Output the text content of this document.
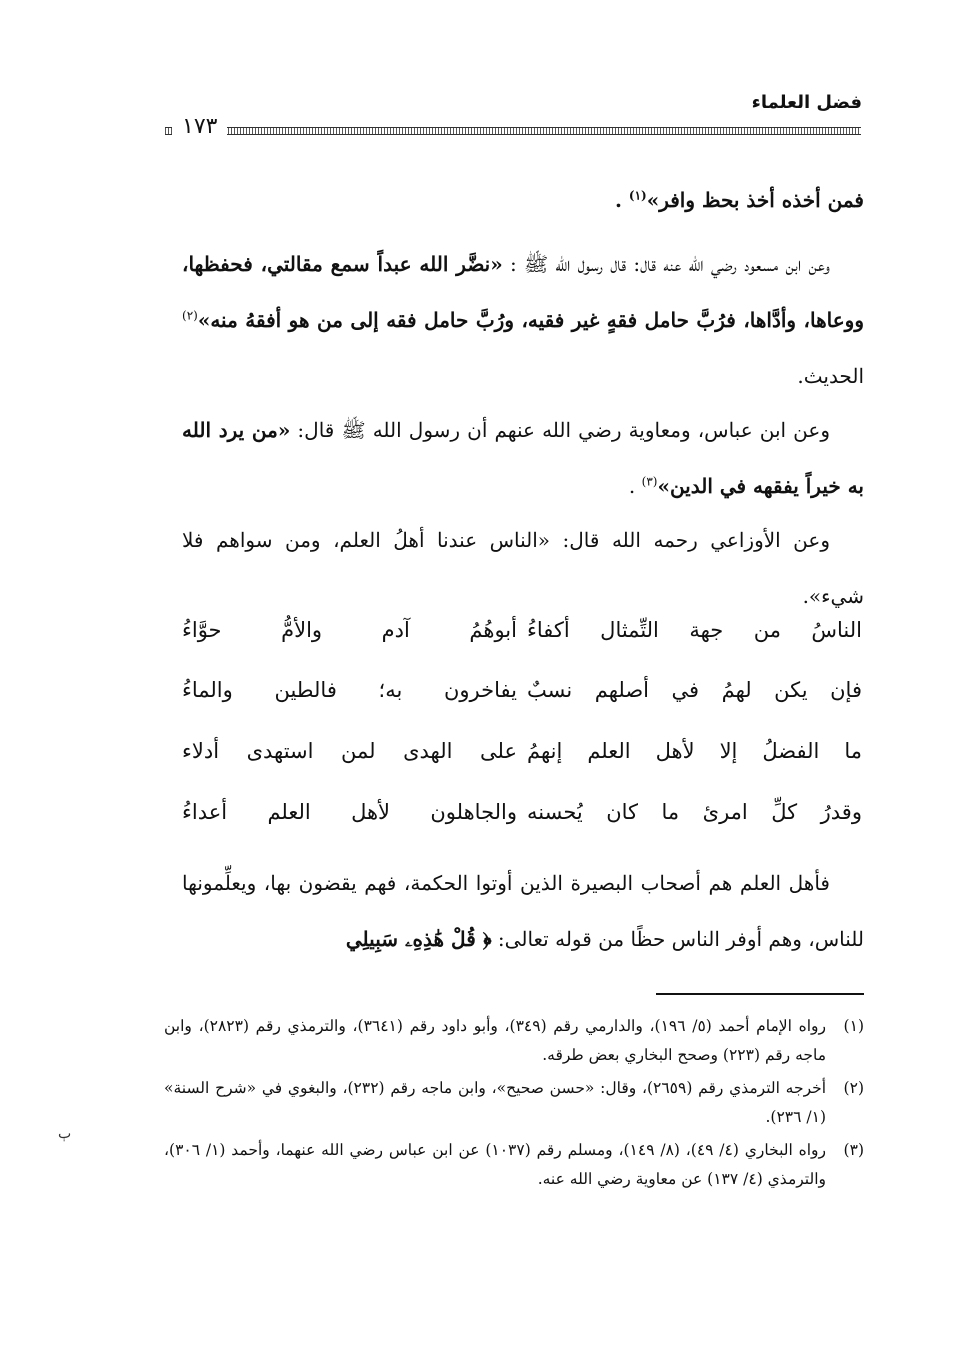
فضل العلماء
١٧٣

فمن أخذه أخذ بحظ وافر»$^{(١)}$ .

وعن ابن مسعود رضي الله عنه قال: قال رسول الله ﷺ : «نضَّر الله عبداً سمع مقالتي، فحفظها، ووعاها، وأدَّاها، فرُبَّ حامل فقهٍ غير فقيه، ورُبَّ حامل فقه إلى من هو أفقهُ منه»$^{(٢)}$ الحديث.

وعن ابن عباس، ومعاوية رضي الله عنهم أن رسول الله ﷺ قال: «من يرد الله به خيراً يفقهه في الدين»$^{(٣)}$ .

وعن الأوزاعي رحمه الله قال: «الناس عندنا أهلُ العلم، ومن سواهم فلا شيء».

الناسُ من جهة التِّمثال أكفاءُ
أبوهُمُ آدم والأمُّ حوَّاءُ
فإن يكن لهمُ في أصلهم نسبٌ
يفاخرون به؛ فالطين والماءُ
ما الفضلُ إلا لأهل العلم إنهمُ
على الهدى لمن استهدى أدلاء
وقدرُ كلِّ امرئ ما كان يُحسنه
والجاهلون لأهل العلم أعداءُ

فأهل العلم هم أصحاب البصيرة الذين أوتوا الحكمة، فهم يقضون بها، ويعلِّمونها للناس، وهم أوفر الناس حظًا من قوله تعالى: ﴿ قُلْ هَٰذِهِۦ سَبِيلِي

(١)
رواه الإمام أحمد (٥/ ١٩٦)، والدارمي رقم (٣٤٩)، وأبو داود رقم (٣٦٤١)، والترمذي رقم (٢٨٢٣)، وابن ماجه رقم (٢٢٣) وصحح البخاري بعض طرقه.

(٢)
أخرجه الترمذي رقم (٢٦٥٩)، وقال: «حسن صحيح»، وابن ماجه رقم (٢٣٢)، والبغوي في «شرح السنة» (١/ ٢٣٦).

(٣)
رواه البخاري (٤/ ٤٩)، (٨/ ١٤٩)، ومسلم رقم (١٠٣٧) عن ابن عباس رضي الله عنهما، وأحمد (١/ ٣٠٦)، والترمذي (٤/ ١٣٧) عن معاوية رضي الله عنه.

ٻ
